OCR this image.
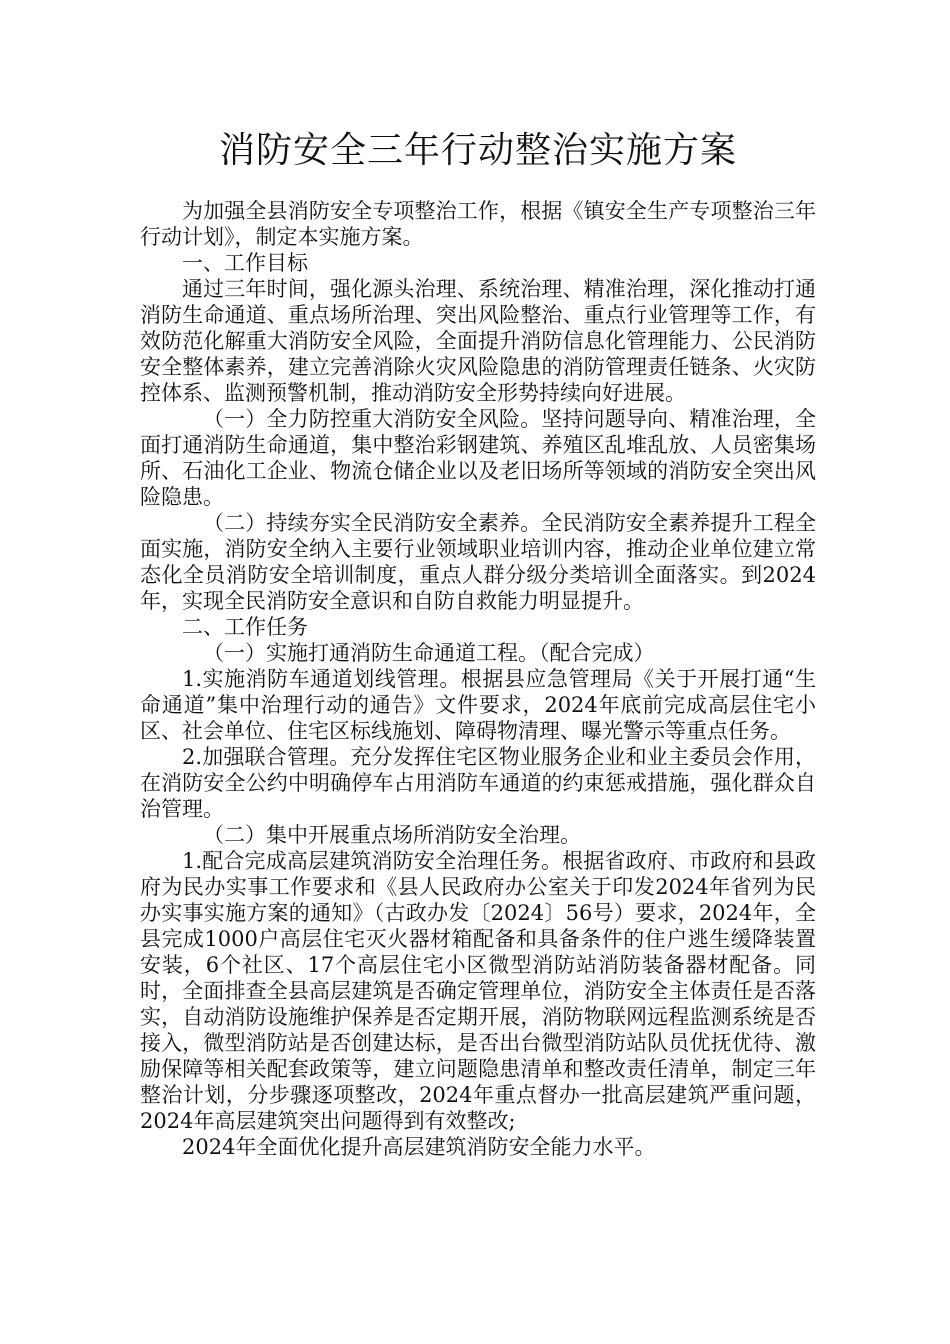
消防安全三年行动整治实施方案

为加强全县消防安全专项整治工作，根据《镇安全生产专项整治三年行动计划》，制定本实施方案。

一、工作目标

通过三年时间，强化源头治理、系统治理、精准治理，深化推动打通消防生命通道、重点场所治理、突出风险整治、重点行业管理等工作，有效防范化解重大消防安全风险，全面提升消防信息化管理能力、公民消防安全整体素养，建立完善消除火灾风险隐患的消防管理责任链条、火灾防控体系、监测预警机制，推动消防安全形势持续向好进展。

（一）全力防控重大消防安全风险。坚持问题导向、精准治理，全面打通消防生命通道，集中整治彩钢建筑、养殖区乱堆乱放、人员密集场所、石油化工企业、物流仓储企业以及老旧场所等领域的消防安全突出风险隐患。

（二）持续夯实全民消防安全素养。全民消防安全素养提升工程全面实施，消防安全纳入主要行业领域职业培训内容，推动企业单位建立常态化全员消防安全培训制度，重点人群分级分类培训全面落实。到2024年，实现全民消防安全意识和自防自救能力明显提升。

二、工作任务

（一）实施打通消防生命通道工程。（配合完成）

1.实施消防车通道划线管理。根据县应急管理局《关于开展打通“生命通道”集中治理行动的通告》文件要求，2024年底前完成高层住宅小区、社会单位、住宅区标线施划、障碍物清理、曝光警示等重点任务。

2.加强联合管理。充分发挥住宅区物业服务企业和业主委员会作用，在消防安全公约中明确停车占用消防车通道的约束惩戒措施，强化群众自治管理。

（二）集中开展重点场所消防安全治理。

1.配合完成高层建筑消防安全治理任务。根据省政府、市政府和县政府为民办实事工作要求和《县人民政府办公室关于印发2024年省列为民办实事实施方案的通知》（古政办发〔2024〕56号）要求，2024年，全县完成1000户高层住宅灭火器材箱配备和具备条件的住户逃生缓降装置安装，6个社区、17个高层住宅小区微型消防站消防装备器材配备。同时，全面排查全县高层建筑是否确定管理单位，消防安全主体责任是否落实，自动消防设施维护保养是否定期开展，消防物联网远程监测系统是否接入，微型消防站是否创建达标，是否出台微型消防站队员优抚优待、激励保障等相关配套政策等，建立问题隐患清单和整改责任清单，制定三年整治计划，分步骤逐项整改，2024年重点督办一批高层建筑严重问题，2024年高层建筑突出问题得到有效整改;

2024年全面优化提升高层建筑消防安全能力水平。
